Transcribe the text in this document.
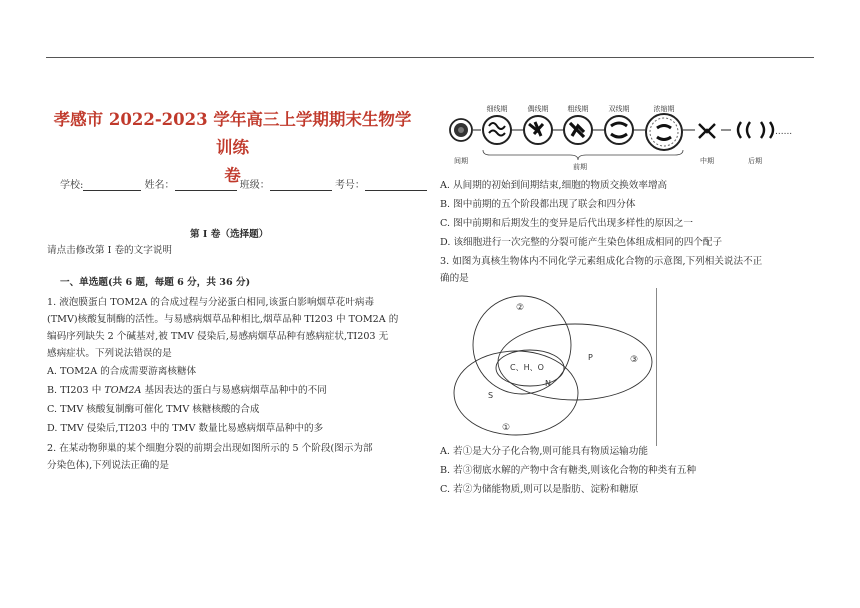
孝感市 2022-2023 学年高三上学期期末生物学训练
卷
学校:	姓名：	班级：	考号：
第 I 卷（选择题）
请点击修改第 I 卷的文字说明
一、单选题(共 6 题，每题 6 分，共 36 分)
1. 液泡膜蛋白 TOM2A 的合成过程与分泌蛋白相同,该蛋白影响烟草花叶病毒
(TMV)核酸复制酶的活性。与易感病烟草品种相比,烟草品种 TI203 中 TOM2A 的
编码序列缺失 2 个碱基对,被 TMV 侵染后,易感病烟草品种有感病症状,TI203 无
感病症状。下列说法错误的是
A. TOM2A 的合成需要游离核糖体
B. TI203 中 TOM2A 基因表达的蛋白与易感病烟草品种中的不同
C. TMV 核酸复制酶可催化 TMV 核糖核酸的合成
D. TMV 侵染后,TI203 中的 TMV 数量比易感病烟草品种中的多
2. 在某动物卵巢的某个细胞分裂的前期会出现如图所示的 5 个阶段(图示为部
分染色体),下列说法正确的是
......
细线期	偶线期	粗线期	双线期	浓缩期
间期
前期
中期	后期
A. 从间期的初始到间期结束,细胞的物质交换效率增高
B. 图中前期的五个阶段都出现了联会和四分体
C. 图中前期和后期发生的变异是后代出现多样性的原因之一
D. 该细胞进行一次完整的分裂可能产生染色体组成相同的四个配子
3. 如图为真核生物体内不同化学元素组成化合物的示意图,下列相关说法不正
确的是
②
③
①
C、H、O
N
P
S
A. 若①是大分子化合物,则可能具有物质运输功能
B. 若③彻底水解的产物中含有糖类,则该化合物的种类有五种
C. 若②为储能物质,则可以是脂肪、淀粉和糖原
